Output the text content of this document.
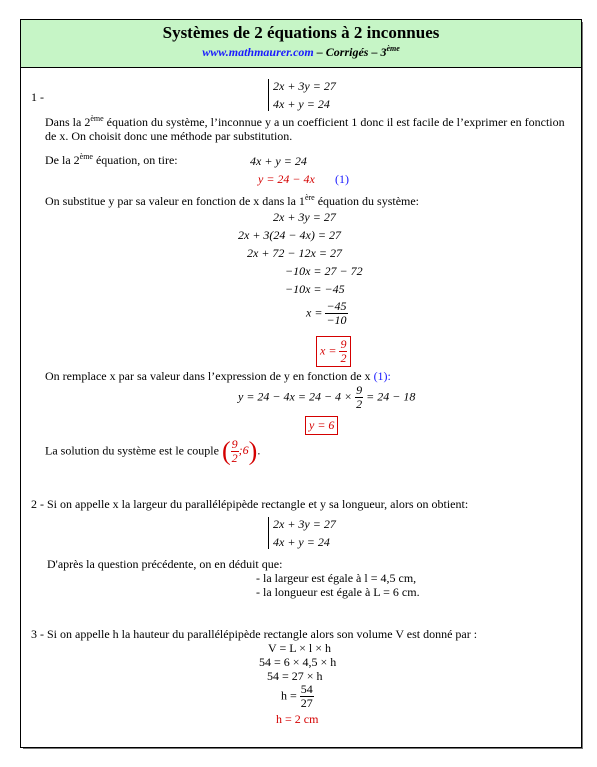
Systèmes de 2 équations à 2 inconnues
www.mathmaurer.com – Corrigés – 3ème
1 -
2x + 3y = 27
4x + y = 24
Dans la 2ème équation du système, l’inconnue y a un coefficient 1 donc il est facile de l’exprimer en fonction
de x. On choisit donc une méthode par substitution.
De la 2ème équation, on tire:	4x + y = 24
y = 24 − 4x (1)
On substitue y par sa valeur en fonction de x dans la 1ère équation du système:
2x + 3y = 27
2x + 3(24 − 4x) = 27
2x + 72 − 12x = 27
−10x = 27 − 72
−10x = −45
$x = \frac{-45}{-10}$
$x = \frac{9}{2}$
On remplace x par sa valeur dans l’expression de y en fonction de x (1):
$y = 24 - 4x = 24 - 4 \times \frac{9}{2} = 24 - 18$
y = 6
La solution du système est le couple ( $\frac{9}{2}$ ;6).
2 - Si on appelle x la largeur du parallélépipède rectangle et y sa longueur, alors on obtient:
2x + 3y = 27
4x + y = 24
D'après la question précédente, on en déduit que:
- la largeur est égale à l = 4,5 cm,
- la longueur est égale à L = 6 cm.
3 - Si on appelle h la hauteur du parallélépipède rectangle alors son volume V est donné par :
V = L × l × h
54 = 6 × 4,5 × h
54 = 27 × h
$h = \frac{54}{27}$
h = 2 cm
